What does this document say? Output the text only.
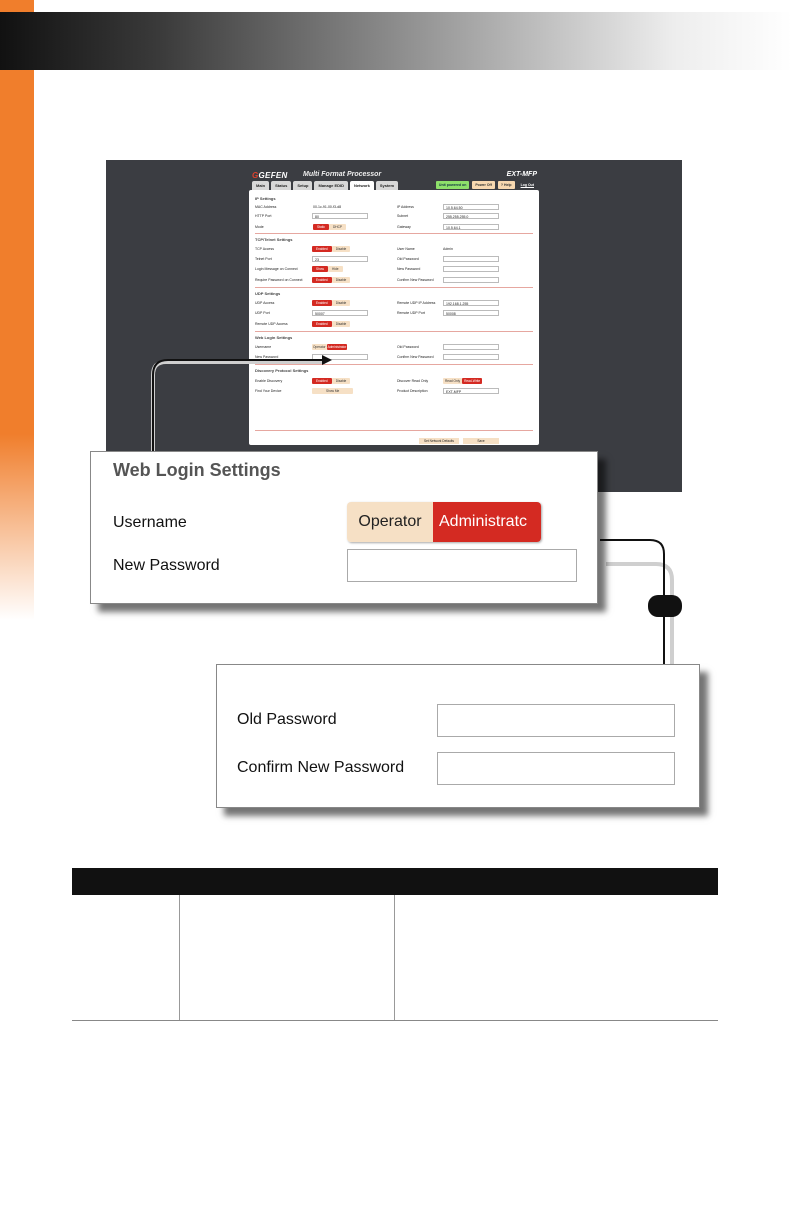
GGEFEN Multi Format Processor	EXT-MFP
Main	Status	Setup	Manage EDID	Network	System	Unit powered on	Power Off	? Help	Log Out
IP Settings
MAC Address	00-1c-91-00-f3-d8
HTTP Port	80
Mode	Static	DHCP
IP Address	10.5.64.50
Subnet	255.255.255.0
Gateway	10.5.64.1
TCP/Telnet Settings
TCP Access	Enabled	Disable
Telnet Port	23
Login Message on Connect	Show	Hide
Require Password on Connect	Enabled	Disable
User Name	Admin
Old Password
New Password
Confirm New Password
UDP Settings
UDP Access	Enabled	Disable
UDP Port	50007
Remote UDP Access	Enabled	Disable
Remote UDP IP Address	192.168.1.255
Remote UDP Port	50008
Web Login Settings
Username	Operator Administrator
New Password
Old Password
Confirm New Password
Discovery Protocol Settings
Enable Discovery	Enabled	Disable
Find Your Device	Show Me
Discover Read Only	Read Only	Read-Write
Product Description	EXT-MFP
Set Network Defaults	Save
Web Login Settings
Username	Operator	Administratc
New Password
Old Password
Confirm New Password
